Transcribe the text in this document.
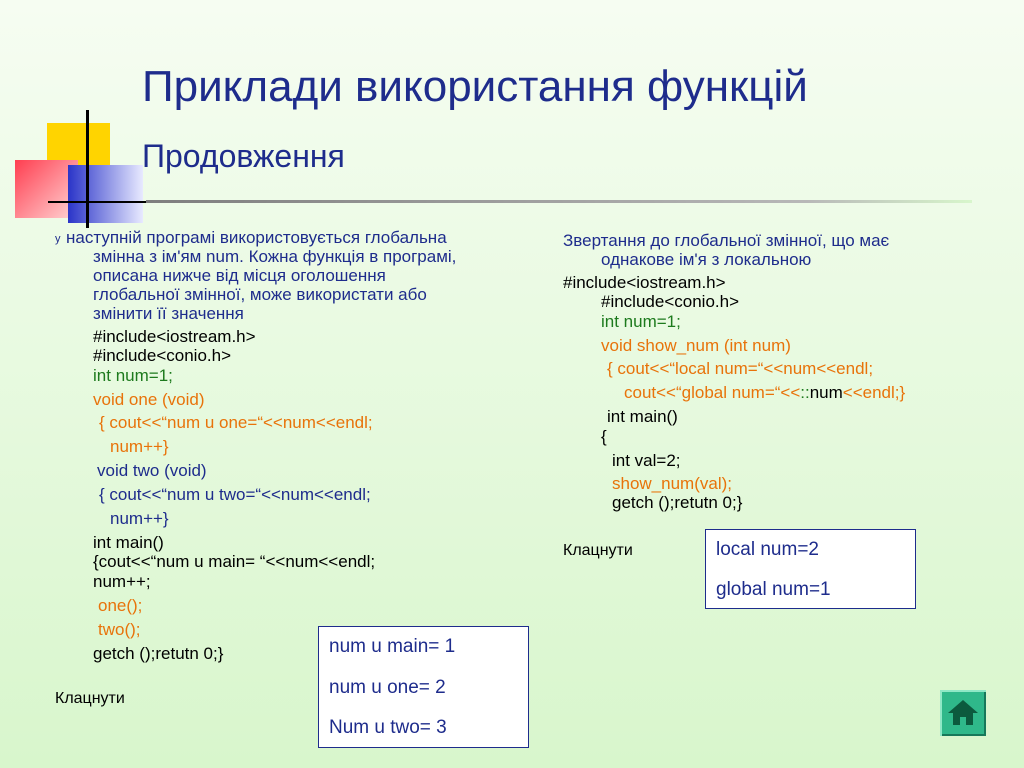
Приклади використання функцій
Продовження
у наступній програмі використовується глобальна
змінна з ім'ям num. Кожна функція в програмі,
описана нижче від місця оголошення
глобальної змінної, може використати або
змінити її значення
#include<iostream.h>
#include<conio.h>
int num=1;
void one (void)
{ cout<<“num u one=“<<num<<endl;
num++}
void two (void)
{ cout<<“num u two=“<<num<<endl;
num++}
int main()
{cout<<“num u main= “<<num<<endl;
num++;
one();
two();
getch ();retutn 0;}
Клацнути
num u main= 1
num u one= 2
Num u two= 3
Звертання до глобальної змінної, що має
однакове ім'я з локальною
#include<iostream.h>
#include<conio.h>
int num=1;
void show_num (int num)
{ cout<<“local num=“<<num<<endl;
cout<<“global num=“<<::num<<endl;}
int main()
{
int val=2;
show_num(val);
getch ();retutn 0;}
Клацнути	local num=2
global num=1
